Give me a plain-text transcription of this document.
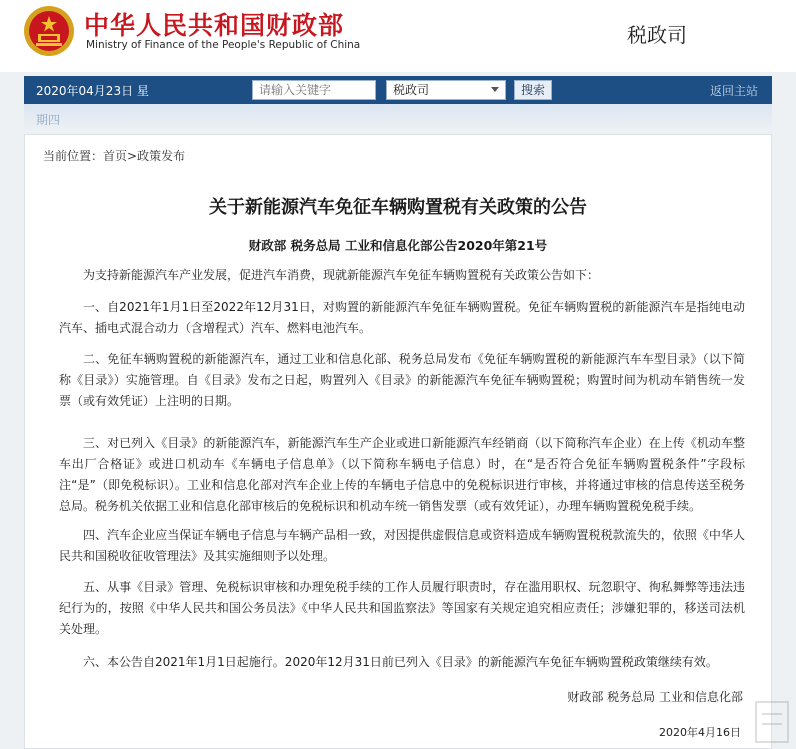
中华人民共和国财政部
Ministry of Finance of the People's Republic of China	税政司
2020年04月23日 星
请输入关键字	税政司	搜索	返回主站
期四
当前位置：首页>政策发布
关于新能源汽车免征车辆购置税有关政策的公告
财政部 税务总局 工业和信息化部公告2020年第21号

为支持新能源汽车产业发展，促进汽车消费，现就新能源汽车免征车辆购置税有关政策公告如下：

一、自2021年1月1日至2022年12月31日，对购置的新能源汽车免征车辆购置税。免征车辆购置税的新能源汽车是指纯电动汽车、插电式混合动力（含增程式）汽车、燃料电池汽车。

二、免征车辆购置税的新能源汽车，通过工业和信息化部、税务总局发布《免征车辆购置税的新能源汽车车型目录》（以下简称《目录》）实施管理。自《目录》发布之日起，购置列入《目录》的新能源汽车免征车辆购置税；购置时间为机动车销售统一发票（或有效凭证）上注明的日期。

三、对已列入《目录》的新能源汽车，新能源汽车生产企业或进口新能源汽车经销商（以下简称汽车企业）在上传《机动车整车出厂合格证》或进口机动车《车辆电子信息单》（以下简称车辆电子信息）时，在“是否符合免征车辆购置税条件”字段标注“是”（即免税标识）。工业和信息化部对汽车企业上传的车辆电子信息中的免税标识进行审核，并将通过审核的信息传送至税务总局。税务机关依据工业和信息化部审核后的免税标识和机动车统一销售发票（或有效凭证），办理车辆购置税免税手续。

四、汽车企业应当保证车辆电子信息与车辆产品相一致，对因提供虚假信息或资料造成车辆购置税税款流失的，依照《中华人民共和国税收征收管理法》及其实施细则予以处理。

五、从事《目录》管理、免税标识审核和办理免税手续的工作人员履行职责时，存在滥用职权、玩忽职守、徇私舞弊等违法违纪行为的，按照《中华人民共和国公务员法》《中华人民共和国监察法》等国家有关规定追究相应责任；涉嫌犯罪的，移送司法机关处理。

六、本公告自2021年1月1日起施行。2020年12月31日前已列入《目录》的新能源汽车免征车辆购置税政策继续有效。

财政部 税务总局 工业和信息化部
2020年4月16日
